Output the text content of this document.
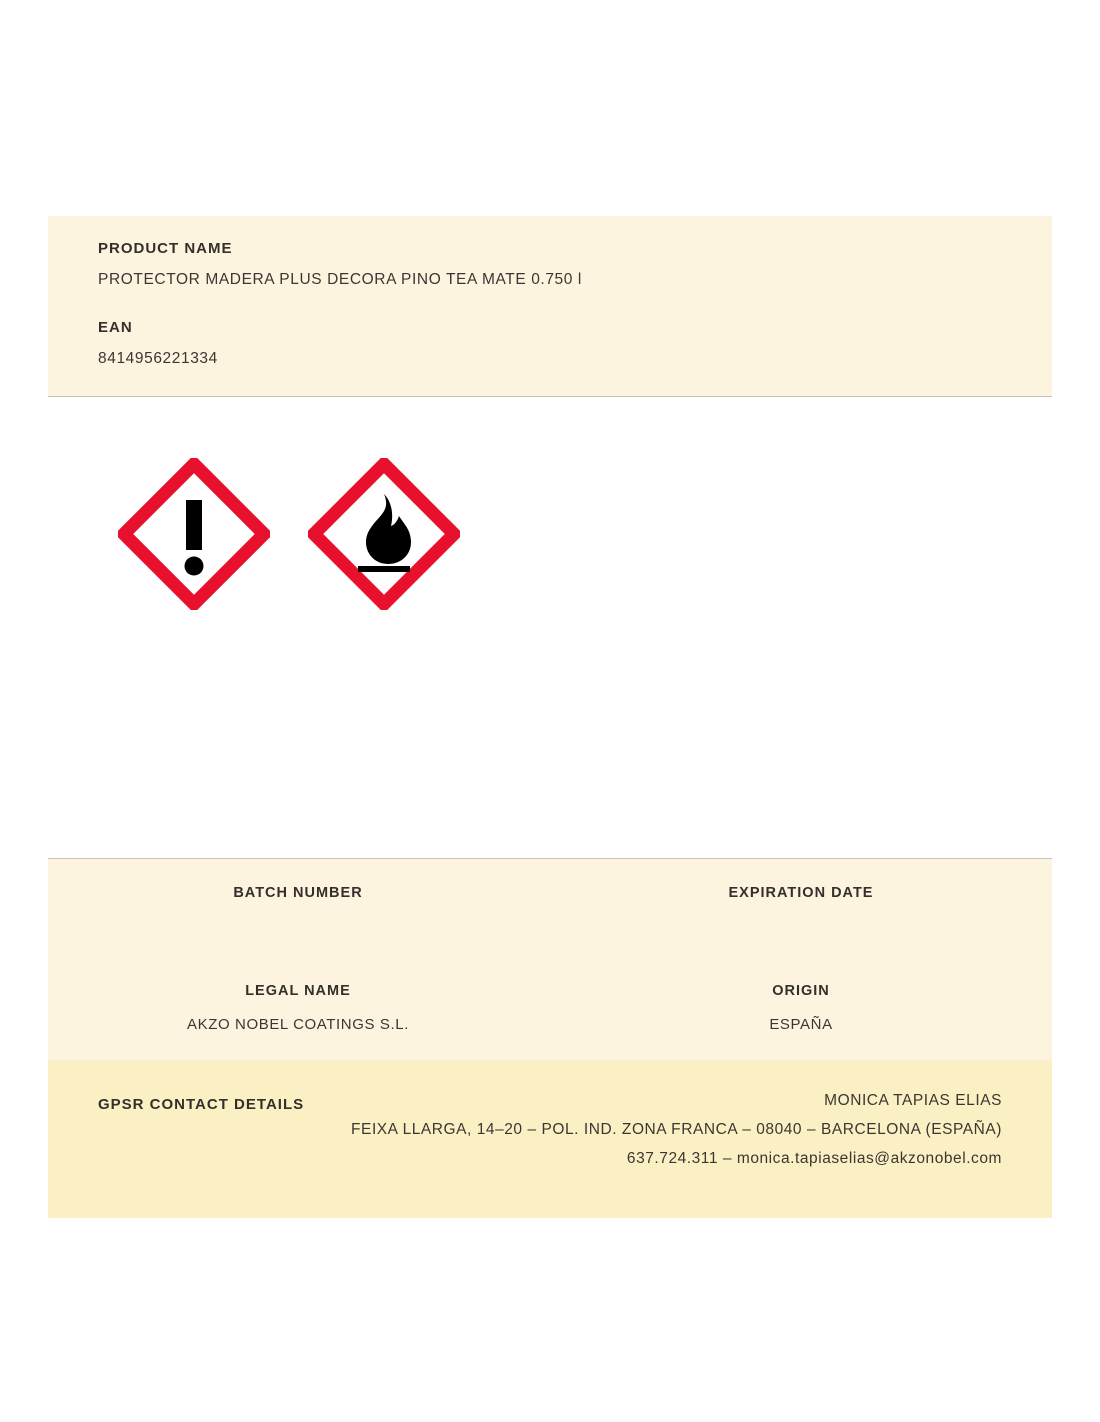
PRODUCT NAME

PROTECTOR MADERA PLUS DECORA PINO TEA MATE 0.750 l

EAN

8414956221334

BATCH NUMBER	EXPIRATION DATE

LEGAL NAME	ORIGIN

AKZO NOBEL COATINGS S.L.	ESPAÑA

GPSR CONTACT DETAILS	MONICA TAPIAS ELIAS

FEIXA LLARGA, 14–20 – POL. IND. ZONA FRANCA – 08040 – BARCELONA (ESPAÑA)

637.724.311 – monica.tapiaselias@akzonobel.com
